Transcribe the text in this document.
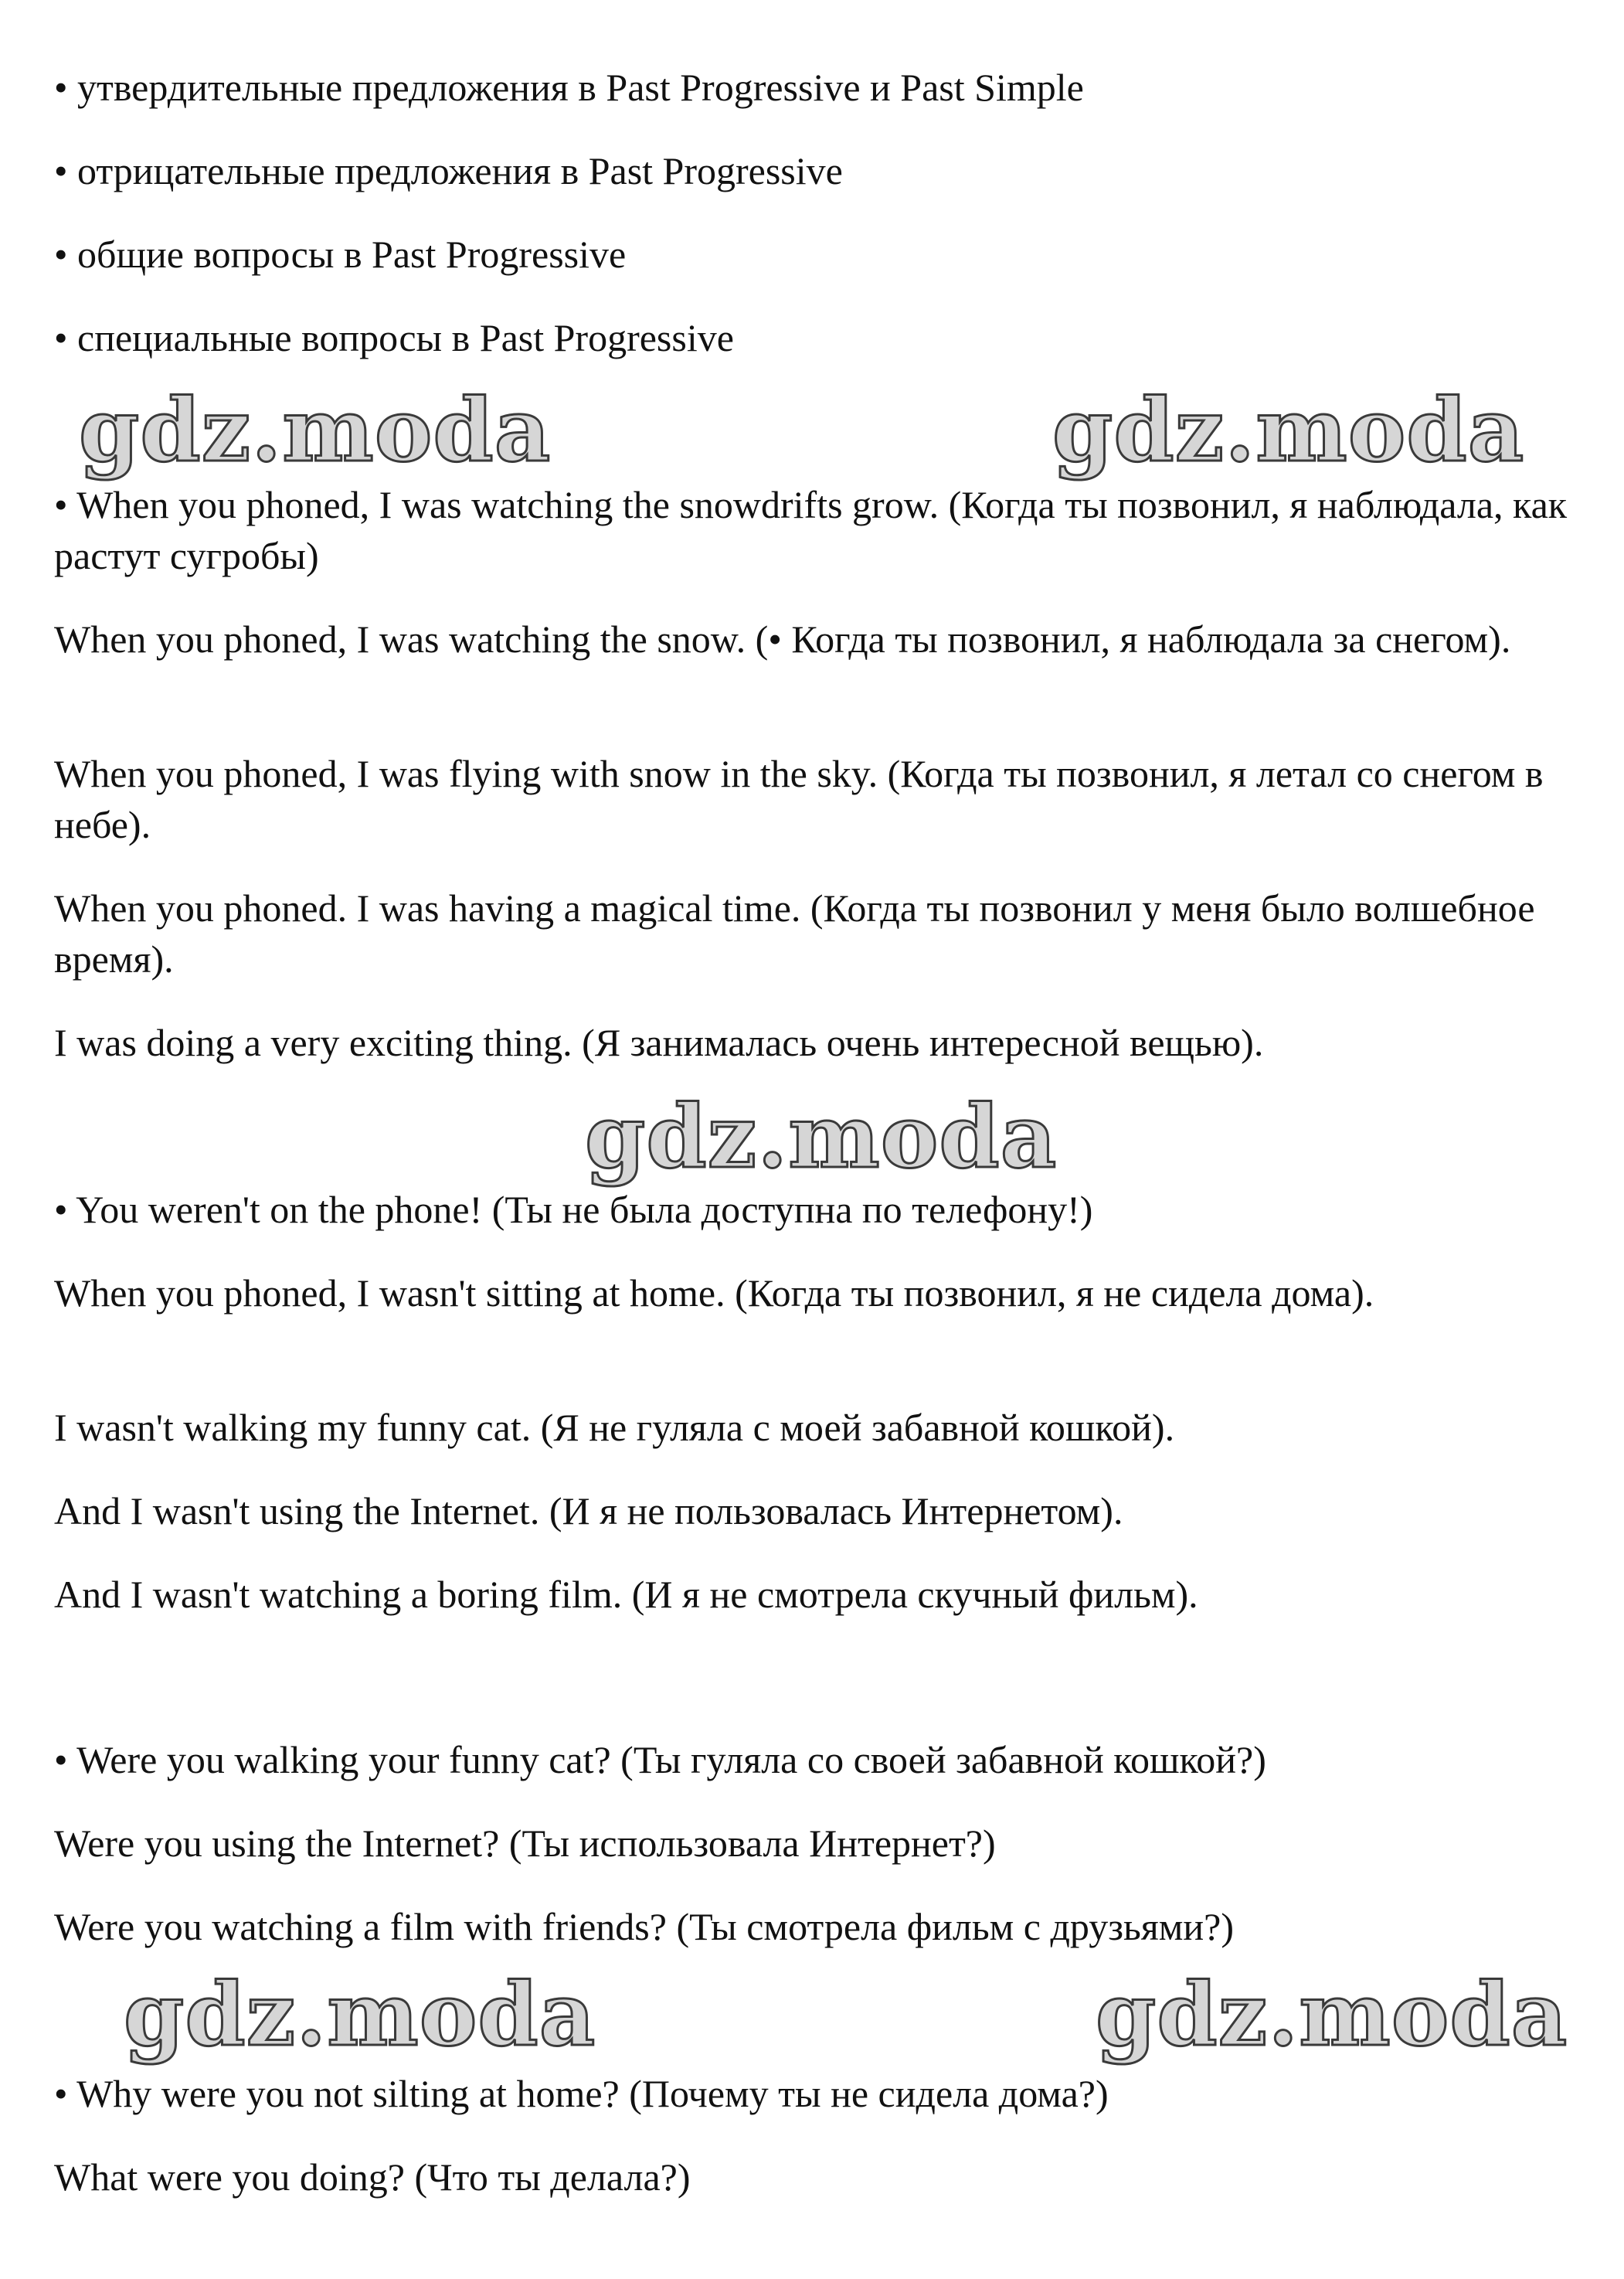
• утвердительные предложения в Past Progressive и Past Simple
• отрицательные предложения в Past Progressive
• общие вопросы в Past Progressive
• специальные вопросы в Past Progressive
gdz.moda	gdz.moda
• When you phoned, I was watching the snowdrifts grow. (Когда ты позвонил, я наблюдала, как растут сугробы)
When you phoned, I was watching the snow. (• Когда ты позвонил, я наблюдала за снегом).
When you phoned, I was flying with snow in the sky. (Когда ты позвонил, я летал со снегом в небе).
When you phoned. I was having a magical time. (Когда ты позвонил у меня было волшебное время).
I was doing a very exciting thing. (Я занималась очень интересной вещью).
gdz.moda
• You weren't on the phone! (Ты не была доступна по телефону!)
When you phoned, I wasn't sitting at home. (Когда ты позвонил, я не сидела дома).
I wasn't walking my funny cat. (Я не гуляла с моей забавной кошкой).
And I wasn't using the Internet. (И я не пользовалась Интернетом).
And I wasn't watching a boring film. (И я не смотрела скучный фильм).
• Were you walking your funny cat? (Ты гуляла со своей забавной кошкой?)
Were you using the Internet? (Ты использовала Интернет?)
Were you watching a film with friends? (Ты смотрела фильм с друзьями?)
gdz.moda	gdz.moda
• Why were you not silting at home? (Почему ты не сидела дома?)
What were you doing? (Что ты делала?)
